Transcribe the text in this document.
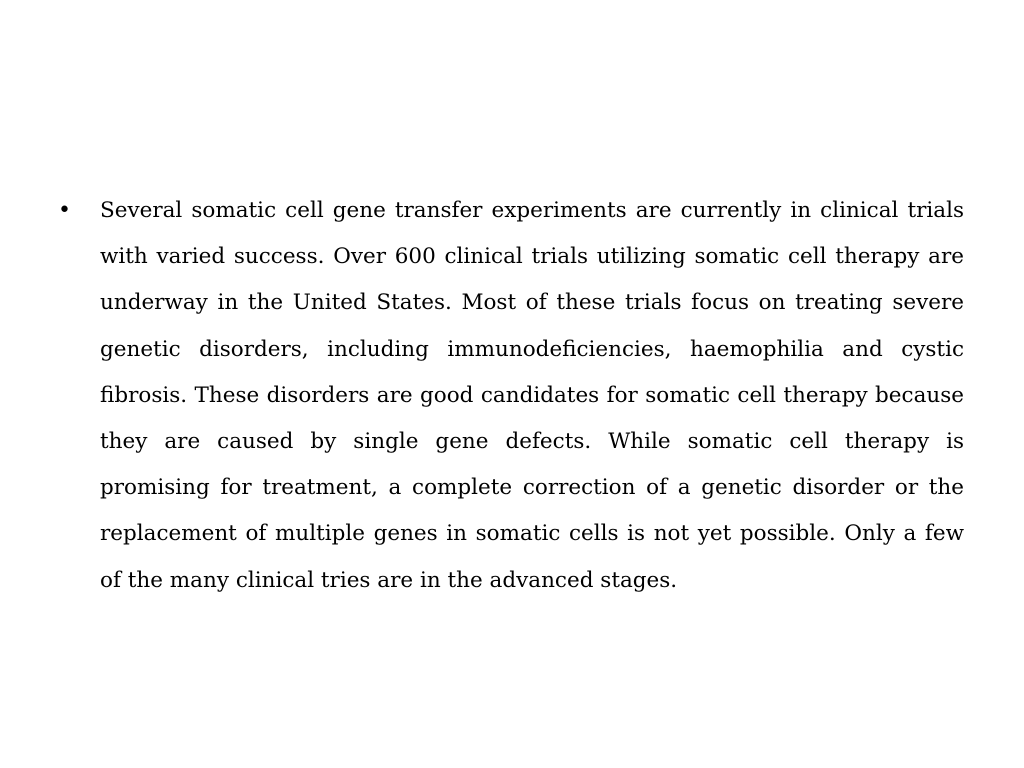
•	Several somatic cell gene transfer experiments are currently in clinical trials with varied success. Over 600 clinical trials utilizing somatic cell therapy are underway in the United States. Most of these trials focus on treating severe genetic disorders, including immunodeficiencies, haemophilia and cystic fibrosis. These disorders are good candidates for somatic cell therapy because they are caused by single gene defects. While somatic cell therapy is promising for treatment, a complete correction of a genetic disorder or the replacement of multiple genes in somatic cells is not yet possible. Only a few of the many clinical tries are in the advanced stages.
